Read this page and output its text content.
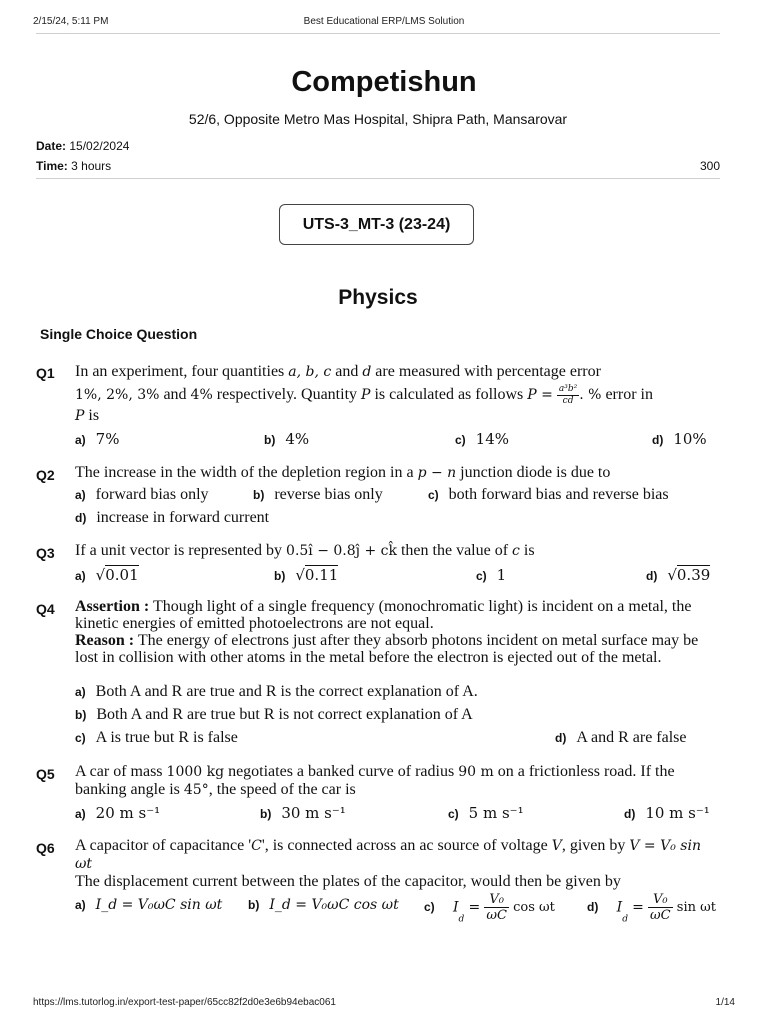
2/15/24, 5:11 PM	Best Educational ERP/LMS Solution
Competishun
52/6, Opposite Metro Mas Hospital, Shipra Path, Mansarovar
Date: 15/02/2024
Time: 3 hours	300
UTS-3_MT-3 (23-24)
Physics
Single Choice Question
Q1 In an experiment, four quantities a, b, c and d are measured with percentage error
1%, 2%, 3% and 4% respectively. Quantity P is calculated as follows $P = \frac{\text{a³b²}}{cd}$ . % error in
P is
a) 7%	b) 4%	c) 14%	d) 10%
Q2 The increase in the width of the depletion region in a p − n junction diode is due to
a) forward bias only	b) reverse bias only	c) both forward bias and reverse bias
d) increase in forward current
Q3 If a unit vector is represented by 0.5î − 0.8ĵ + ck̂ then the value of c is
a) √0.01	b) √0.11	c) 1	d) √0.39
Q4 Assertion : Though light of a single frequency (monochromatic light) is incident on a metal, the kinetic energies of emitted photoelectrons are not equal.
Reason : The energy of electrons just after they absorb photons incident on metal surface may be lost in collision with other atoms in the metal before the electron is ejected out of the metal.
a) Both A and R are true and R is the correct explanation of A.
b) Both A and R are true but R is not correct explanation of A
c) A is true but R is false	d) A and R are false
Q5 A car of mass 1000 kg negotiates a banked curve of radius 90 m on a frictionless road. If the banking angle is 45°, the speed of the car is
a) 20 m s⁻¹	b) 30 m s⁻¹	c) 5 m s⁻¹	d) 10 m s⁻¹
Q6 A capacitor of capacitance 'C', is connected across an ac source of voltage V, given by V = V₀ sin ωt
The displacement current between the plates of the capacitor, would then be given by
a) I_d = V₀ωC sin ωt b) I_d = V₀ωC cos ωt c) $I_d = \frac{\text{V₀}}{\omega C}$ cos ωt	d) $I_d = \frac{\text{V₀}}{\omega C}$ sin ωt
https://lms.tutorlog.in/export-test-paper/65cc82f2d0e3e6b94ebac061	1/14
